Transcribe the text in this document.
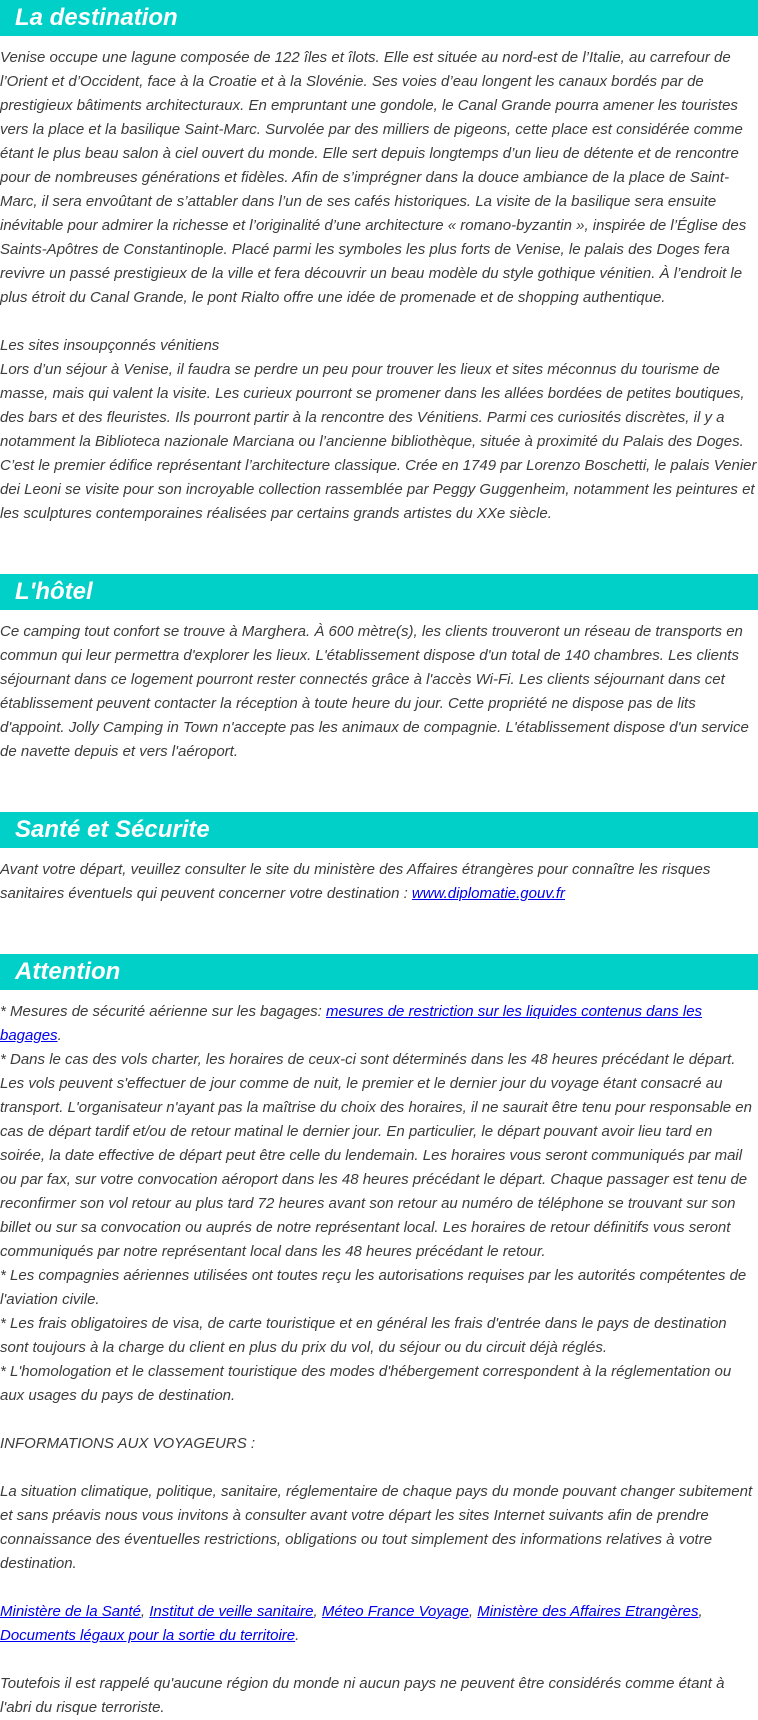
La destination

Venise occupe une lagune composée de 122 îles et îlots. Elle est située au nord-est de l’Italie, au carrefour de l’Orient et d’Occident, face à la Croatie et à la Slovénie. Ses voies d’eau longent les canaux bordés par de prestigieux bâtiments architecturaux. En empruntant une gondole, le Canal Grande pourra amener les touristes vers la place et la basilique Saint-Marc. Survolée par des milliers de pigeons, cette place est considérée comme étant le plus beau salon à ciel ouvert du monde. Elle sert depuis longtemps d’un lieu de détente et de rencontre pour de nombreuses générations et fidèles. Afin de s’imprégner dans la douce ambiance de la place de Saint-Marc, il sera envoûtant de s’attabler dans l’un de ses cafés historiques. La visite de la basilique sera ensuite inévitable pour admirer la richesse et l’originalité d’une architecture « romano-byzantin », inspirée de l’Église des Saints-Apôtres de Constantinople. Placé parmi les symboles les plus forts de Venise, le palais des Doges fera revivre un passé prestigieux de la ville et fera découvrir un beau modèle du style gothique vénitien. À l’endroit le plus étroit du Canal Grande, le pont Rialto offre une idée de promenade et de shopping authentique.

Les sites insoupçonnés vénitiens

Lors d’un séjour à Venise, il faudra se perdre un peu pour trouver les lieux et sites méconnus du tourisme de masse, mais qui valent la visite. Les curieux pourront se promener dans les allées bordées de petites boutiques, des bars et des fleuristes. Ils pourront partir à la rencontre des Vénitiens. Parmi ces curiosités discrètes, il y a notamment la Biblioteca nazionale Marciana ou l’ancienne bibliothèque, située à proximité du Palais des Doges. C’est le premier édifice représentant l’architecture classique. Crée en 1749 par Lorenzo Boschetti, le palais Venier dei Leoni se visite pour son incroyable collection rassemblée par Peggy Guggenheim, notamment les peintures et les sculptures contemporaines réalisées par certains grands artistes du XXe siècle.

L'hôtel

Ce camping tout confort se trouve à Marghera. À 600 mètre(s), les clients trouveront un réseau de transports en commun qui leur permettra d'explorer les lieux. L'établissement dispose d'un total de 140 chambres. Les clients séjournant dans ce logement pourront rester connectés grâce à l'accès Wi-Fi. Les clients séjournant dans cet établissement peuvent contacter la réception à toute heure du jour. Cette propriété ne dispose pas de lits d'appoint. Jolly Camping in Town n'accepte pas les animaux de compagnie. L'établissement dispose d'un service de navette depuis et vers l'aéroport.

Santé et Sécurite

Avant votre départ, veuillez consulter le site du ministère des Affaires étrangères pour connaître les risques sanitaires éventuels qui peuvent concerner votre destination : www.diplomatie.gouv.fr

Attention

* Mesures de sécurité aérienne sur les bagages: mesures de restriction sur les liquides contenus dans les bagages.

* Dans le cas des vols charter, les horaires de ceux-ci sont déterminés dans les 48 heures précédant le départ. Les vols peuvent s'effectuer de jour comme de nuit, le premier et le dernier jour du voyage étant consacré au transport. L'organisateur n'ayant pas la maîtrise du choix des horaires, il ne saurait être tenu pour responsable en cas de départ tardif et/ou de retour matinal le dernier jour. En particulier, le départ pouvant avoir lieu tard en soirée, la date effective de départ peut être celle du lendemain. Les horaires vous seront communiqués par mail ou par fax, sur votre convocation aéroport dans les 48 heures précédant le départ. Chaque passager est tenu de reconfirmer son vol retour au plus tard 72 heures avant son retour au numéro de téléphone se trouvant sur son billet ou sur sa convocation ou auprés de notre représentant local. Les horaires de retour définitifs vous seront communiqués par notre représentant local dans les 48 heures précédant le retour.

* Les compagnies aériennes utilisées ont toutes reçu les autorisations requises par les autorités compétentes de l'aviation civile.

* Les frais obligatoires de visa, de carte touristique et en général les frais d'entrée dans le pays de destination sont toujours à la charge du client en plus du prix du vol, du séjour ou du circuit déjà réglés.

* L'homologation et le classement touristique des modes d'hébergement correspondent à la réglementation ou aux usages du pays de destination.

INFORMATIONS AUX VOYAGEURS :

La situation climatique, politique, sanitaire, réglementaire de chaque pays du monde pouvant changer subitement et sans préavis nous vous invitons à consulter avant votre départ les sites Internet suivants afin de prendre connaissance des éventuelles restrictions, obligations ou tout simplement des informations relatives à votre destination.

Ministère de la Santé, Institut de veille sanitaire, Méteo France Voyage, Ministère des Affaires Etrangères, Documents légaux pour la sortie du territoire.

Toutefois il est rappelé qu'aucune région du monde ni aucun pays ne peuvent être considérés comme étant à l'abri du risque terroriste.
